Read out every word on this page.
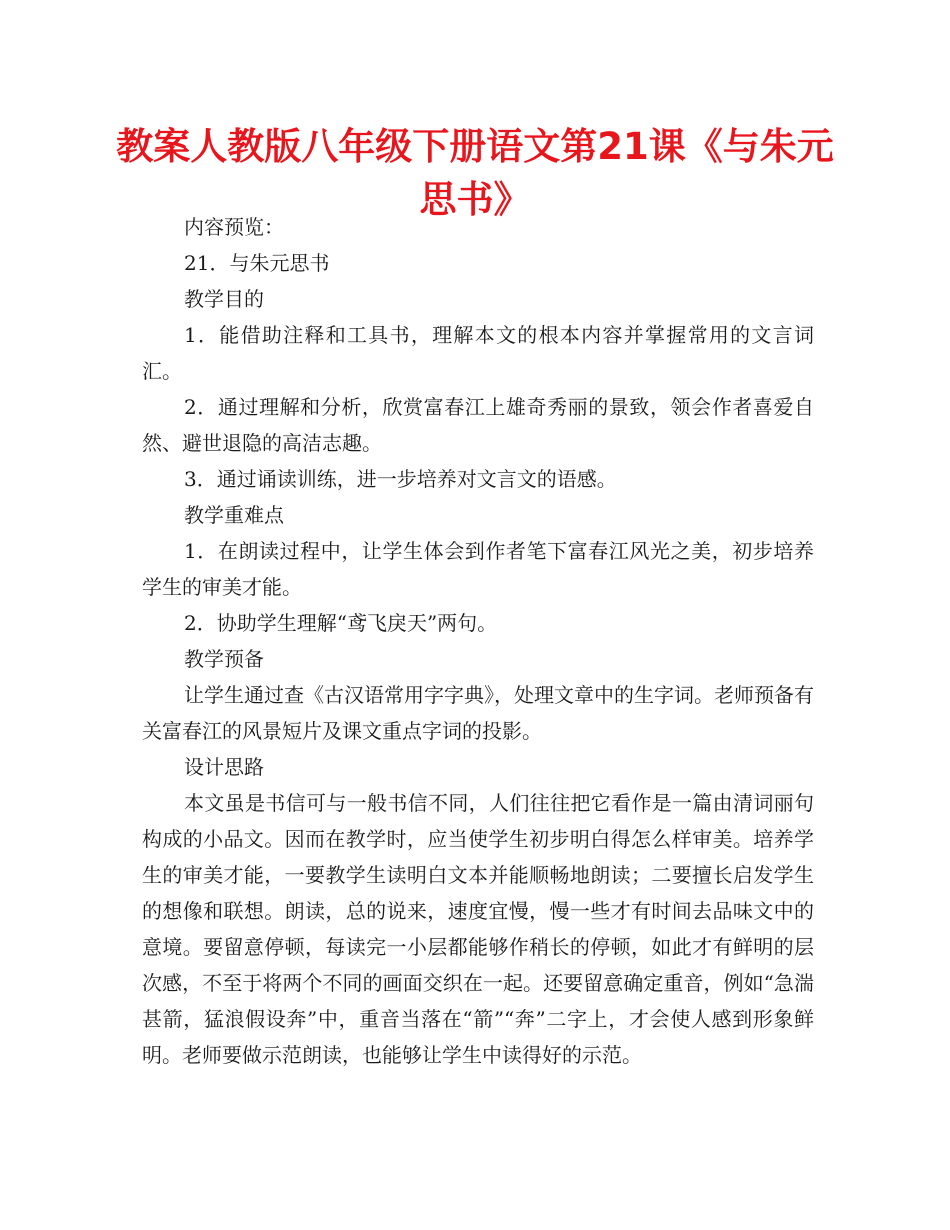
教案人教版八年级下册语文第21课《与朱元思书》

内容预览：

21．与朱元思书

教学目的

1．能借助注释和工具书，理解本文的根本内容并掌握常用的文言词汇。

2．通过理解和分析，欣赏富春江上雄奇秀丽的景致，领会作者喜爱自然、避世退隐的高洁志趣。

3．通过诵读训练，进一步培养对文言文的语感。

教学重难点

1．在朗读过程中，让学生体会到作者笔下富春江风光之美，初步培养学生的审美才能。

2．协助学生理解“鸢飞戾天”两句。

教学预备

让学生通过查《古汉语常用字字典》，处理文章中的生字词。老师预备有关富春江的风景短片及课文重点字词的投影。

设计思路

本文虽是书信可与一般书信不同，人们往往把它看作是一篇由清词丽句构成的小品文。因而在教学时，应当使学生初步明白得怎么样审美。培养学生的审美才能，一要教学生读明白文本并能顺畅地朗读；二要擅长启发学生的想像和联想。朗读，总的说来，速度宜慢，慢一些才有时间去品味文中的意境。要留意停顿，每读完一小层都能够作稍长的停顿，如此才有鲜明的层次感，不至于将两个不同的画面交织在一起。还要留意确定重音，例如“急湍甚箭，猛浪假设奔”中，重音当落在“箭”“奔”二字上，才会使人感到形象鲜明。老师要做示范朗读，也能够让学生中读得好的示范。
